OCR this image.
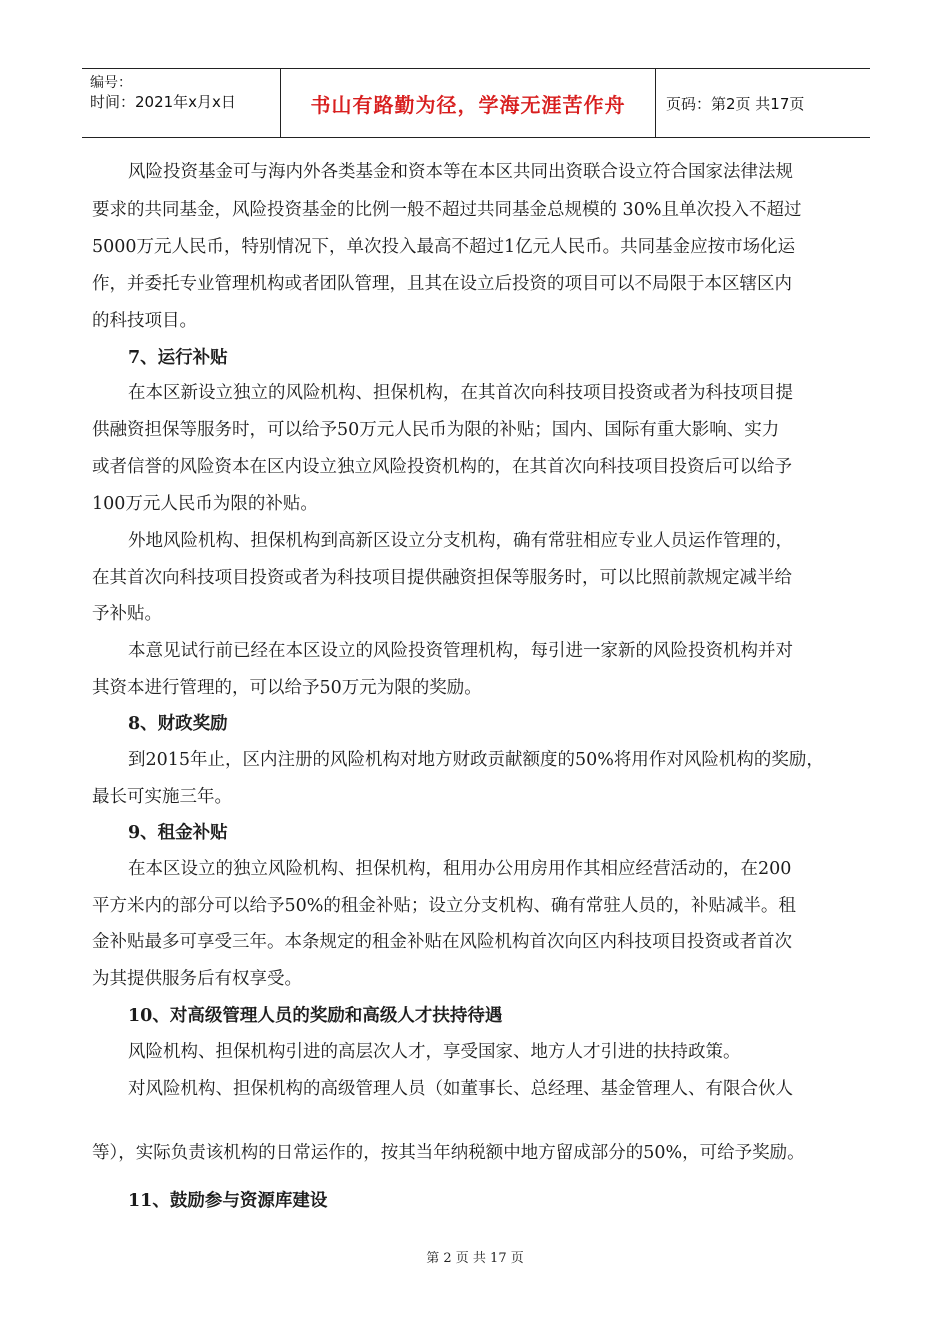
编号：
时间：2021年x月x日	书山有路勤为径，学海无涯苦作舟	页码：第2页 共17页
风险投资基金可与海内外各类基金和资本等在本区共同出资联合设立符合国家法律法规
要求的共同基金，风险投资基金的比例一般不超过共同基金总规模的 30%且单次投入不超过
5000万元人民币，特别情况下，单次投入最高不超过1亿元人民币。共同基金应按市场化运
作，并委托专业管理机构或者团队管理，且其在设立后投资的项目可以不局限于本区辖区内
的科技项目。
7、运行补贴
在本区新设立独立的风险机构、担保机构，在其首次向科技项目投资或者为科技项目提
供融资担保等服务时，可以给予50万元人民币为限的补贴；国内、国际有重大影响、实力
或者信誉的风险资本在区内设立独立风险投资机构的，在其首次向科技项目投资后可以给予
100万元人民币为限的补贴。
外地风险机构、担保机构到高新区设立分支机构，确有常驻相应专业人员运作管理的，
在其首次向科技项目投资或者为科技项目提供融资担保等服务时，可以比照前款规定减半给
予补贴。
本意见试行前已经在本区设立的风险投资管理机构，每引进一家新的风险投资机构并对
其资本进行管理的，可以给予50万元为限的奖励。
8、财政奖励
到2015年止，区内注册的风险机构对地方财政贡献额度的50%将用作对风险机构的奖励，
最长可实施三年。
9、租金补贴
在本区设立的独立风险机构、担保机构，租用办公用房用作其相应经营活动的，在200
平方米内的部分可以给予50%的租金补贴；设立分支机构、确有常驻人员的，补贴减半。租
金补贴最多可享受三年。本条规定的租金补贴在风险机构首次向区内科技项目投资或者首次
为其提供服务后有权享受。
10、对高级管理人员的奖励和高级人才扶持待遇
风险机构、担保机构引进的高层次人才，享受国家、地方人才引进的扶持政策。
对风险机构、担保机构的高级管理人员（如董事长、总经理、基金管理人、有限合伙人
等），实际负责该机构的日常运作的，按其当年纳税额中地方留成部分的50%，可给予奖励。
11、鼓励参与资源库建设
第 2 页 共 17 页
